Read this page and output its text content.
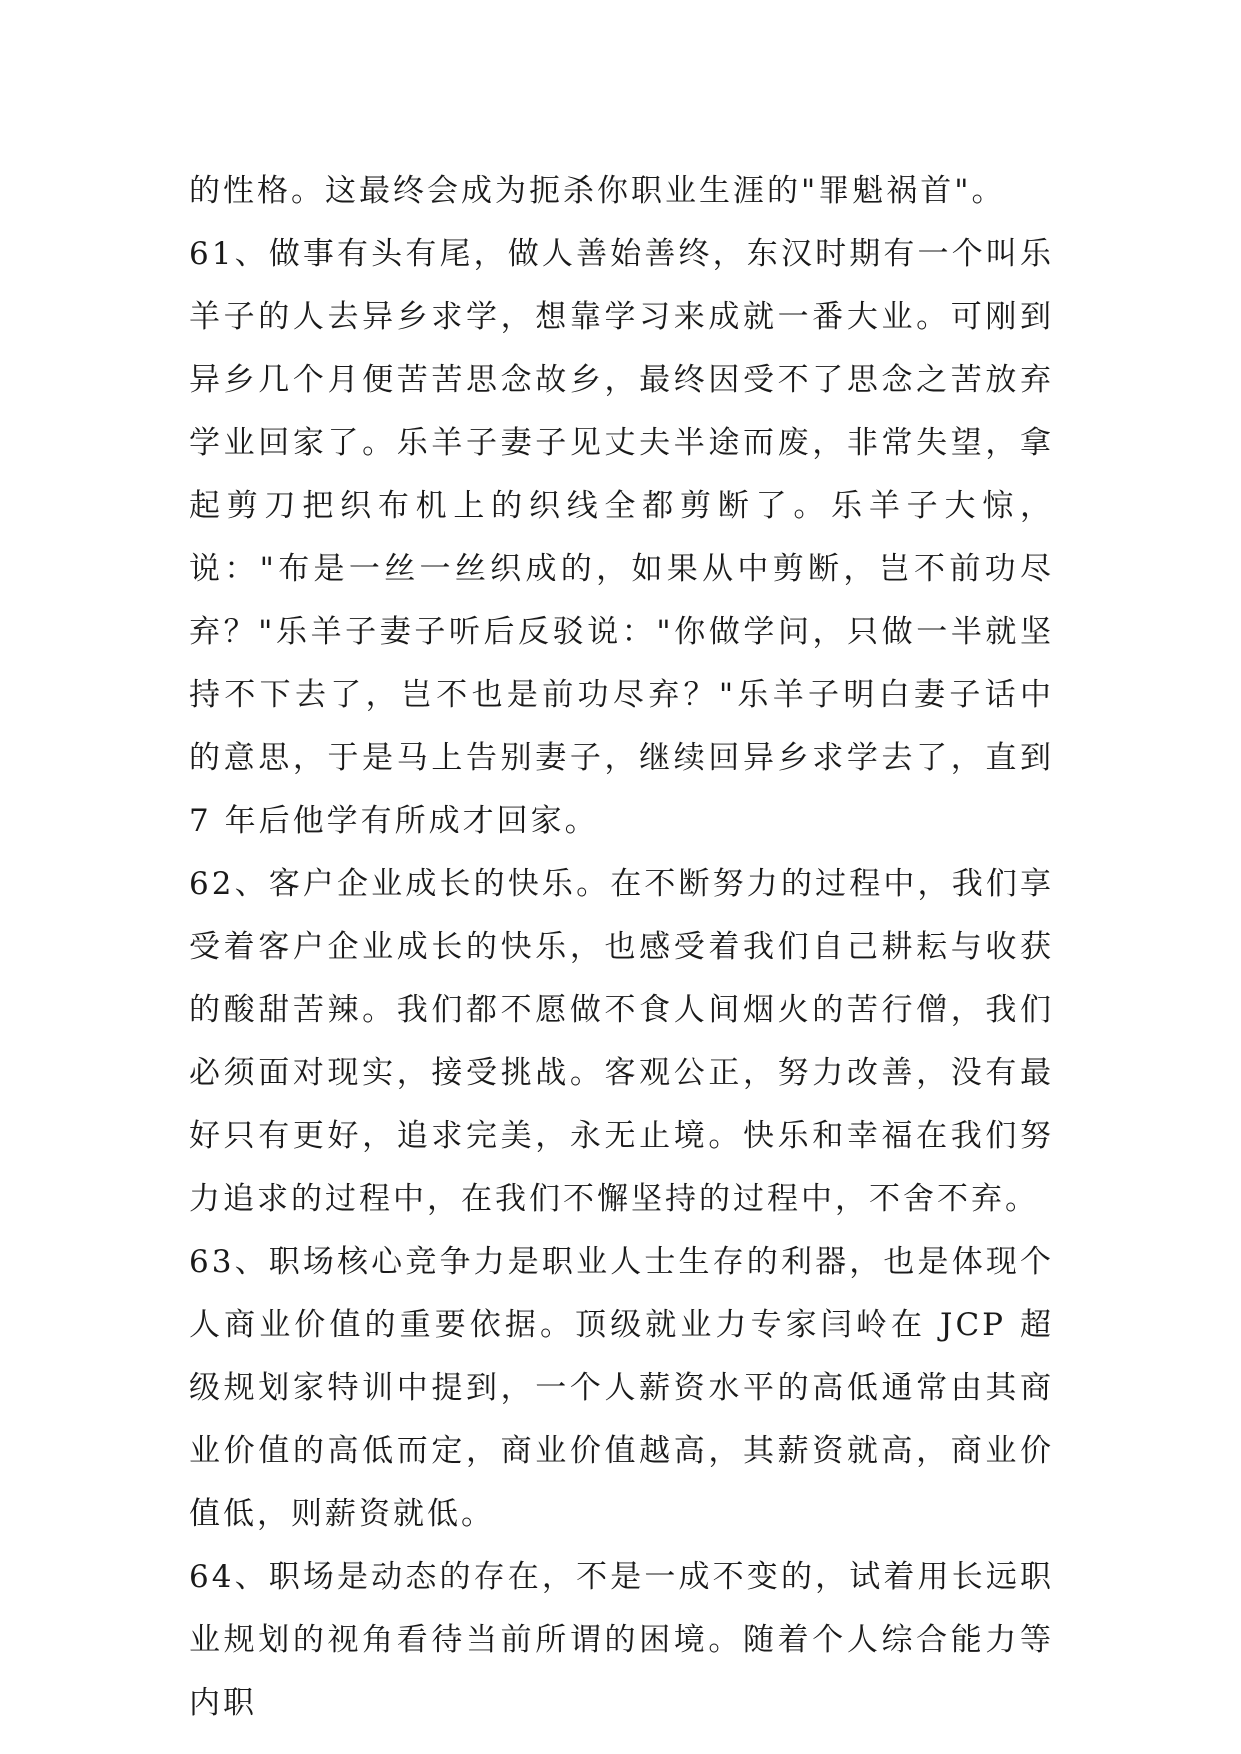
的性格。这最终会成为扼杀你职业生涯的"罪魁祸首"。

61、做事有头有尾，做人善始善终，东汉时期有一个叫乐羊子的人去异乡求学，想靠学习来成就一番大业。可刚到异乡几个月便苦苦思念故乡，最终因受不了思念之苦放弃学业回家了。乐羊子妻子见丈夫半途而废，非常失望，拿起剪刀把织布机上的织线全都剪断了。乐羊子大惊，说："布是一丝一丝织成的，如果从中剪断，岂不前功尽弃？"乐羊子妻子听后反驳说："你做学问，只做一半就坚持不下去了，岂不也是前功尽弃？"乐羊子明白妻子话中的意思，于是马上告别妻子，继续回异乡求学去了，直到 7 年后他学有所成才回家。

62、客户企业成长的快乐。在不断努力的过程中，我们享受着客户企业成长的快乐，也感受着我们自己耕耘与收获的酸甜苦辣。我们都不愿做不食人间烟火的苦行僧，我们必须面对现实，接受挑战。客观公正，努力改善，没有最好只有更好，追求完美，永无止境。快乐和幸福在我们努力追求的过程中，在我们不懈坚持的过程中，不舍不弃。

63、职场核心竞争力是职业人士生存的利器，也是体现个人商业价值的重要依据。顶级就业力专家闫岭在 JCP 超级规划家特训中提到，一个人薪资水平的高低通常由其商业价值的高低而定，商业价值越高，其薪资就高，商业价值低，则薪资就低。

64、职场是动态的存在，不是一成不变的，试着用长远职业规划的视角看待当前所谓的困境。随着个人综合能力等内职
